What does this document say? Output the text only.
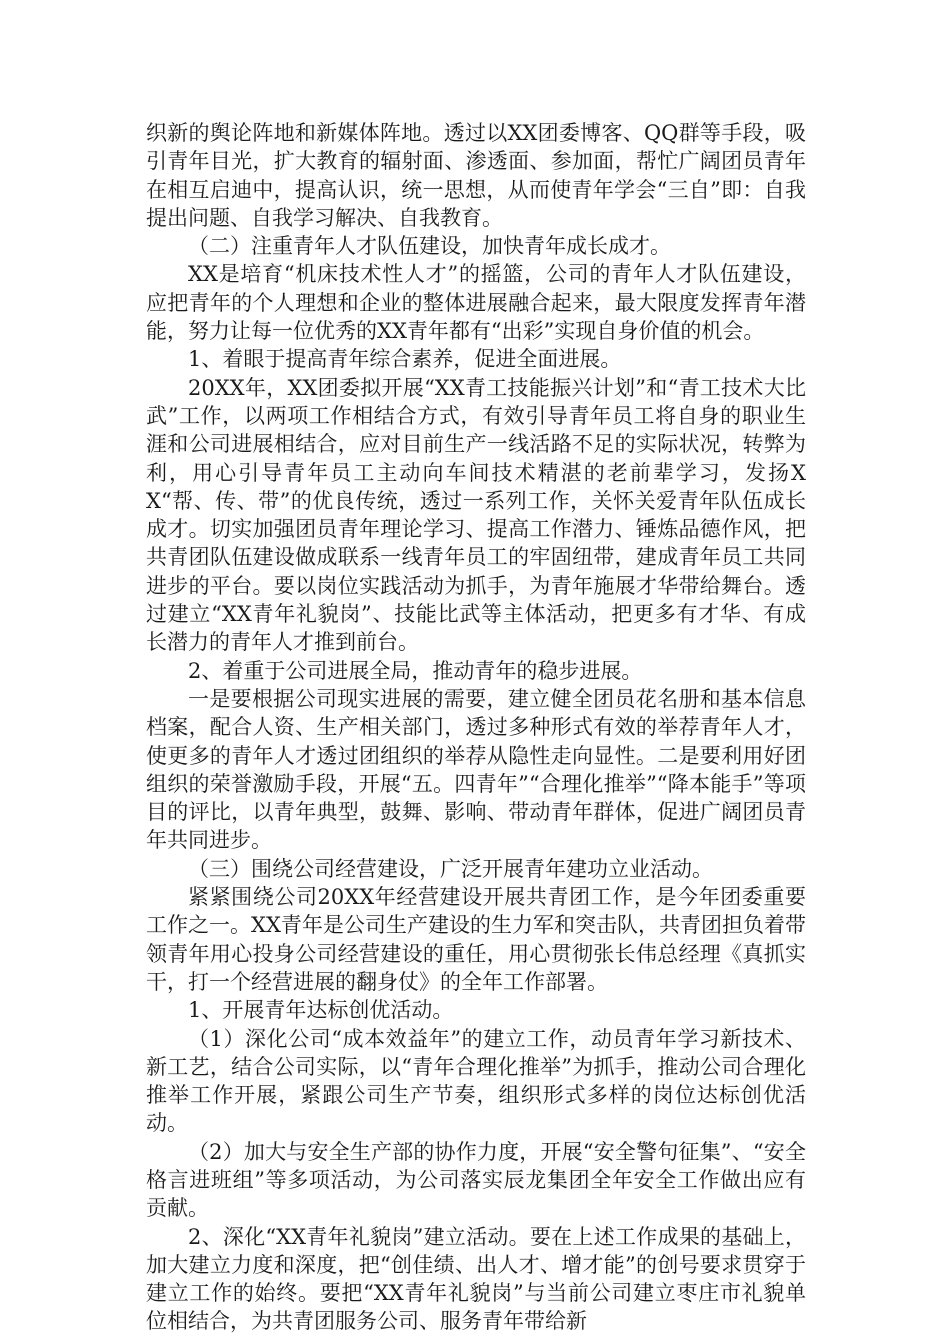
织新的舆论阵地和新媒体阵地。透过以XX团委博客、QQ群等手段，吸引青年目光，扩大教育的辐射面、渗透面、参加面，帮忙广阔团员青年在相互启迪中，提高认识，统一思想，从而使青年学会“三自”即：自我提出问题、自我学习解决、自我教育。

（二）注重青年人才队伍建设，加快青年成长成才。

XX是培育“机床技术性人才”的摇篮，公司的青年人才队伍建设，应把青年的个人理想和企业的整体进展融合起来，最大限度发挥青年潜能，努力让每一位优秀的XX青年都有“出彩”实现自身价值的机会。

1、着眼于提高青年综合素养，促进全面进展。

20XX年，XX团委拟开展“XX青工技能振兴计划”和“青工技术大比武”工作，以两项工作相结合方式，有效引导青年员工将自身的职业生涯和公司进展相结合，应对目前生产一线活路不足的实际状况，转弊为利，用心引导青年员工主动向车间技术精湛的老前辈学习，发扬XX“帮、传、带”的优良传统，透过一系列工作，关怀关爱青年队伍成长成才。切实加强团员青年理论学习、提高工作潜力、锤炼品德作风，把共青团队伍建设做成联系一线青年员工的牢固纽带，建成青年员工共同进步的平台。要以岗位实践活动为抓手，为青年施展才华带给舞台。透过建立“XX青年礼貌岗”、技能比武等主体活动，把更多有才华、有成长潜力的青年人才推到前台。

2、着重于公司进展全局，推动青年的稳步进展。

一是要根据公司现实进展的需要，建立健全团员花名册和基本信息档案，配合人资、生产相关部门，透过多种形式有效的举荐青年人才，使更多的青年人才透过团组织的举荐从隐性走向显性。二是要利用好团组织的荣誉激励手段，开展“五。四青年”“合理化推举”“降本能手”等项目的评比，以青年典型，鼓舞、影响、带动青年群体，促进广阔团员青年共同进步。

（三）围绕公司经营建设，广泛开展青年建功立业活动。

紧紧围绕公司20XX年经营建设开展共青团工作，是今年团委重要工作之一。XX青年是公司生产建设的生力军和突击队，共青团担负着带领青年用心投身公司经营建设的重任，用心贯彻张长伟总经理《真抓实干，打一个经营进展的翻身仗》的全年工作部署。

1、开展青年达标创优活动。

（1）深化公司“成本效益年”的建立工作，动员青年学习新技术、新工艺，结合公司实际，以“青年合理化推举”为抓手，推动公司合理化推举工作开展，紧跟公司生产节奏，组织形式多样的岗位达标创优活动。

（2）加大与安全生产部的协作力度，开展“安全警句征集”、“安全格言进班组”等多项活动，为公司落实辰龙集团全年安全工作做出应有贡献。

2、深化“XX青年礼貌岗”建立活动。要在上述工作成果的基础上，加大建立力度和深度，把“创佳绩、出人才、增才能”的创号要求贯穿于建立工作的始终。要把“XX青年礼貌岗”与当前公司建立枣庄市礼貌单位相结合，为共青团服务公司、服务青年带给新
